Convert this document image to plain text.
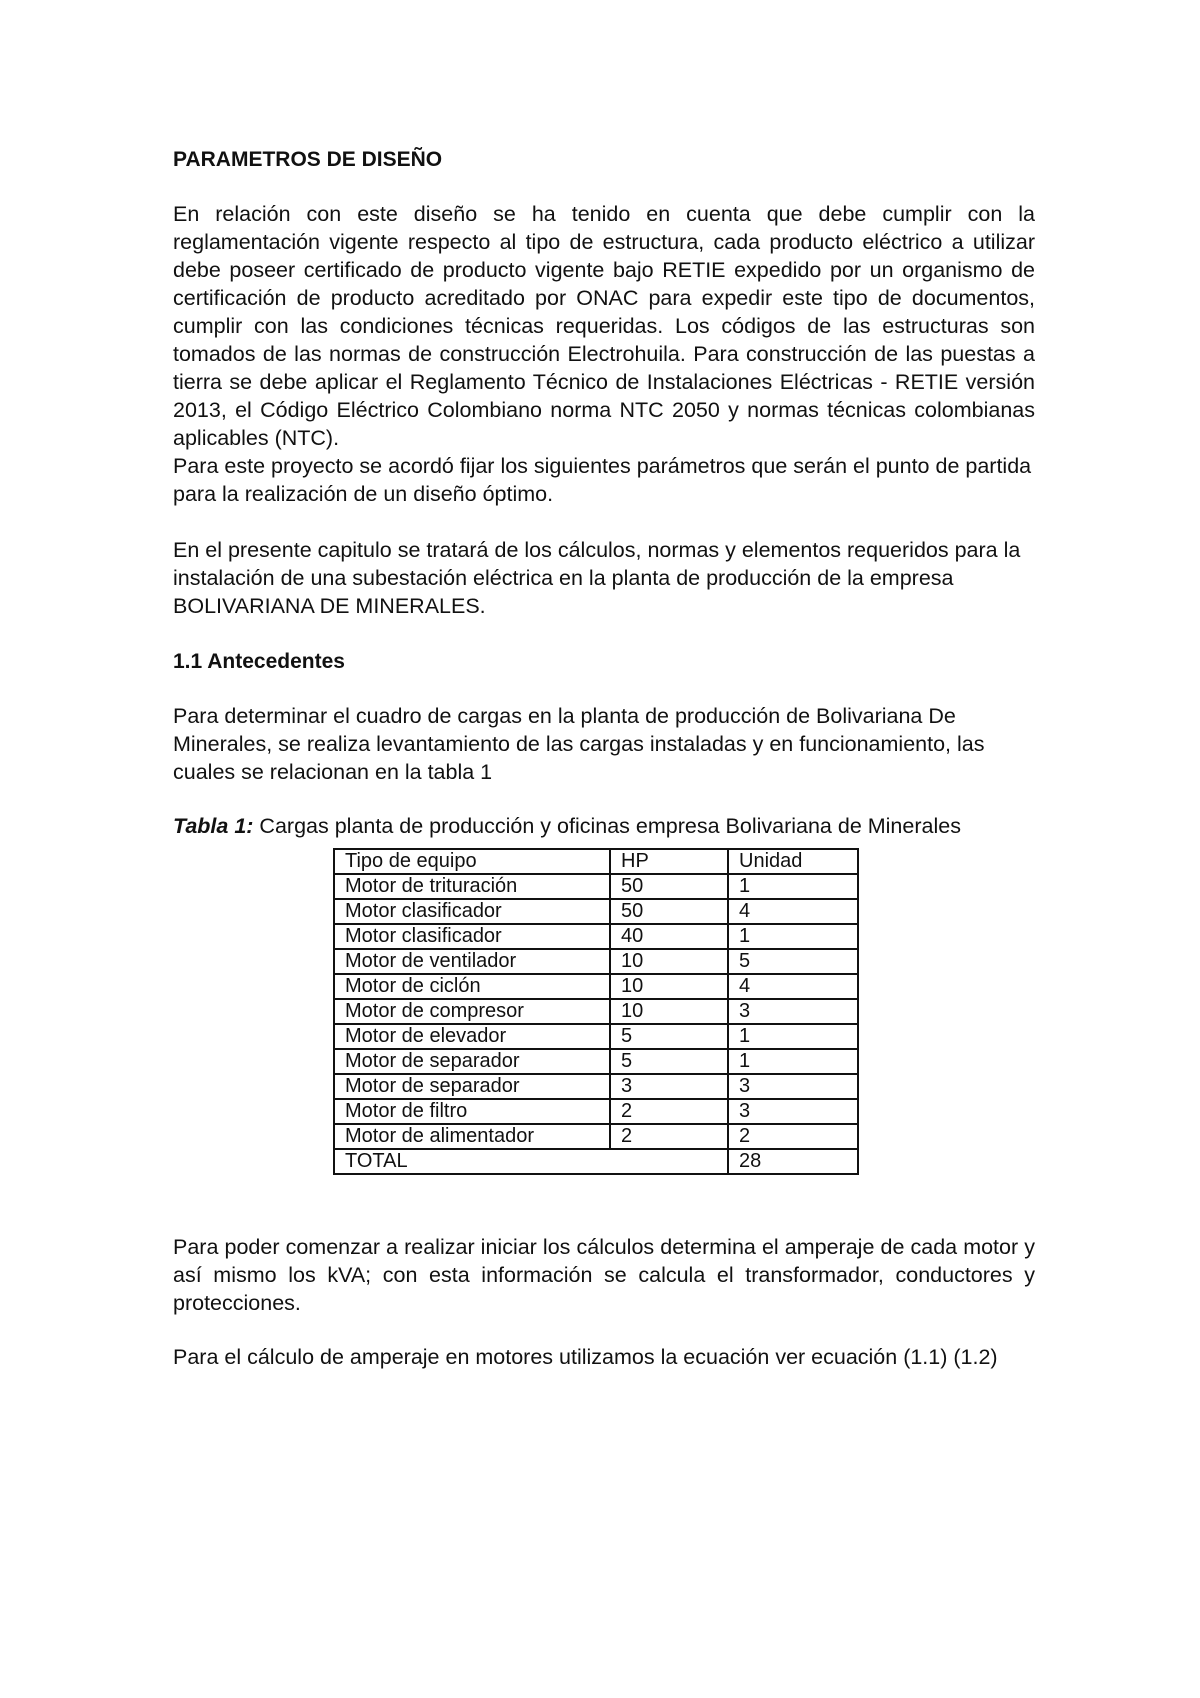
PARAMETROS DE DISEÑO

En relación con este diseño se ha tenido en cuenta que debe cumplir con la reglamentación vigente respecto al tipo de estructura, cada producto eléctrico a utilizar debe poseer certificado de producto vigente bajo RETIE expedido por un organismo de certificación de producto acreditado por ONAC para expedir este tipo de documentos, cumplir con las condiciones técnicas requeridas. Los códigos de las estructuras son tomados de las normas de construcción Electrohuila. Para construcción de las puestas a tierra se debe aplicar el Reglamento Técnico de Instalaciones Eléctricas - RETIE versión 2013, el Código Eléctrico Colombiano norma NTC 2050 y normas técnicas colombianas aplicables (NTC).

Para este proyecto se acordó fijar los siguientes parámetros que serán el punto de partida para la realización de un diseño óptimo.

En el presente capitulo se tratará de los cálculos, normas y elementos requeridos para la instalación de una subestación eléctrica en la planta de producción de la empresa BOLIVARIANA DE MINERALES.

1.1 Antecedentes

Para determinar el cuadro de cargas en la planta de producción de Bolivariana De Minerales, se realiza levantamiento de las cargas instaladas y en funcionamiento, las cuales se relacionan en la tabla 1

Tabla 1: Cargas planta de producción y oficinas empresa Bolivariana de Minerales

Tipo de equipo	HP	Unidad
Motor de trituración	50	1
Motor clasificador	50	4
Motor clasificador	40	1
Motor de ventilador	10	5
Motor de ciclón	10	4
Motor de compresor	10	3
Motor de elevador	5	1
Motor de separador	5	1
Motor de separador	3	3
Motor de filtro	2	3
Motor de alimentador	2	2
TOTAL		28

Para poder comenzar a realizar iniciar los cálculos determina el amperaje de cada motor y así mismo los kVA; con esta información se calcula el transformador, conductores y protecciones.

Para el cálculo de amperaje en motores utilizamos la ecuación ver ecuación (1.1) (1.2)
